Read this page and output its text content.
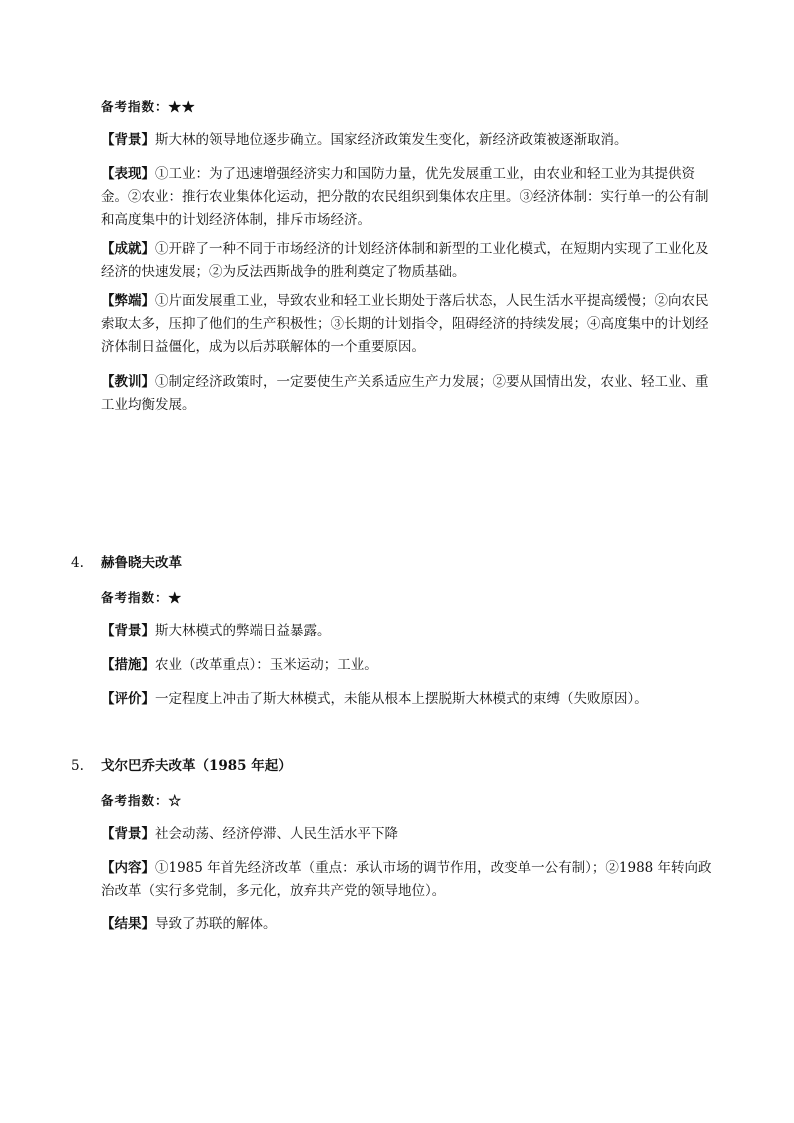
备考指数：★★

【背景】斯大林的领导地位逐步确立。国家经济政策发生变化，新经济政策被逐渐取消。

【表现】①工业：为了迅速增强经济实力和国防力量，优先发展重工业，由农业和轻工业为其提供资金。②农业：推行农业集体化运动，把分散的农民组织到集体农庄里。③经济体制：实行单一的公有制和高度集中的计划经济体制，排斥市场经济。

【成就】①开辟了一种不同于市场经济的计划经济体制和新型的工业化模式，在短期内实现了工业化及经济的快速发展；②为反法西斯战争的胜利奠定了物质基础。

【弊端】①片面发展重工业，导致农业和轻工业长期处于落后状态，人民生活水平提高缓慢；②向农民索取太多，压抑了他们的生产积极性；③长期的计划指令，阻碍经济的持续发展；④高度集中的计划经济体制日益僵化，成为以后苏联解体的一个重要原因。

【教训】①制定经济政策时，一定要使生产关系适应生产力发展；②要从国情出发，农业、轻工业、重工业均衡发展。

4. 赫鲁晓夫改革
备考指数：★

【背景】斯大林模式的弊端日益暴露。

【措施】农业（改革重点）：玉米运动；工业。

【评价】一定程度上冲击了斯大林模式，未能从根本上摆脱斯大林模式的束缚（失败原因）。

5. 戈尔巴乔夫改革（1985 年起）
备考指数：☆

【背景】社会动荡、经济停滞、人民生活水平下降

【内容】①1985 年首先经济改革（重点：承认市场的调节作用，改变单一公有制）；②1988 年转向政治改革（实行多党制，多元化，放弃共产党的领导地位）。

【结果】导致了苏联的解体。
